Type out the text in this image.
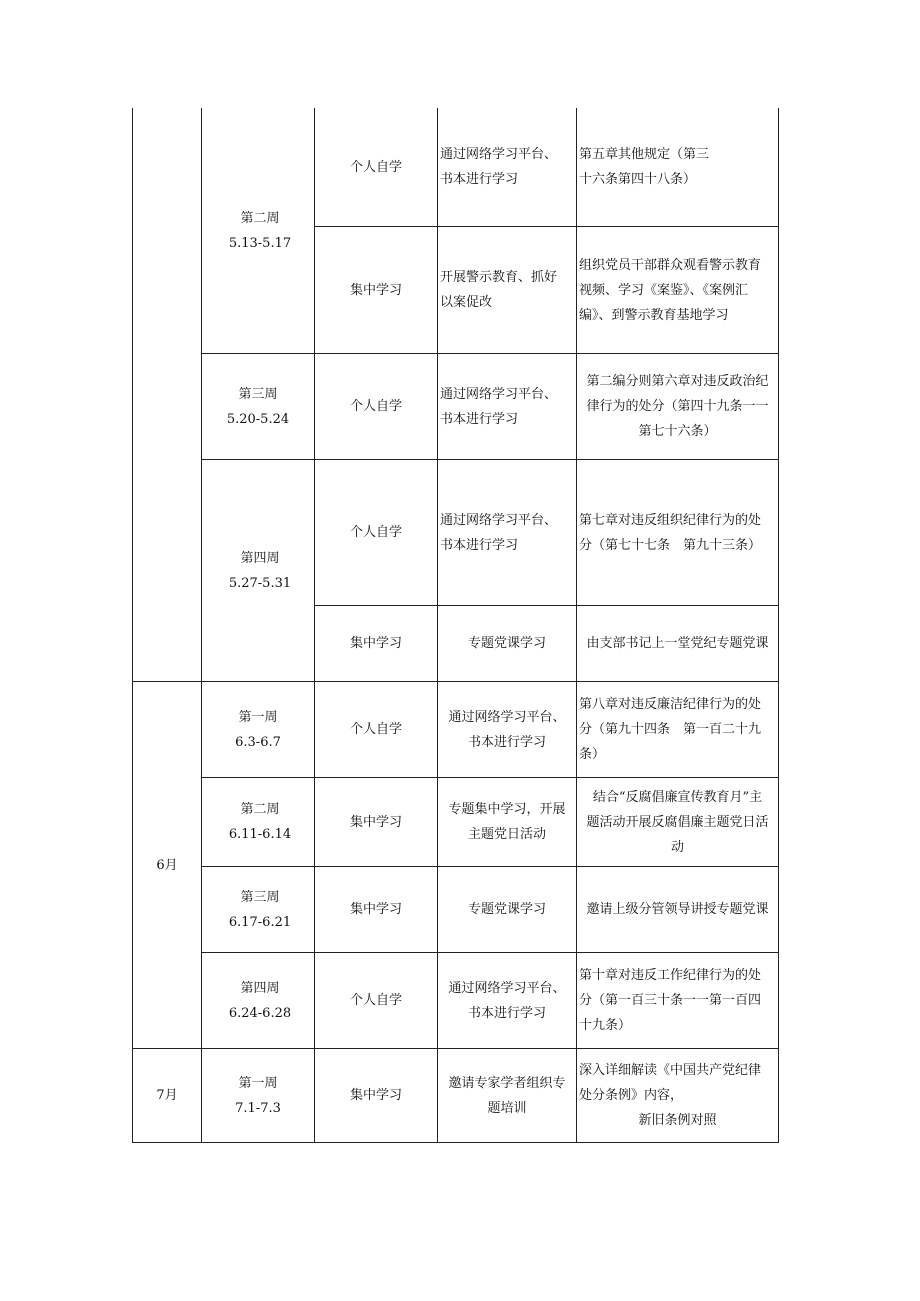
6月
7月
第二周
5.13-5.17
第三周
5.20-5.24
第四周
5.27-5.31
第一周
6.3-6.7
第二周
6.11-6.14
第三周
6.17-6.21
第四周
6.24-6.28
第一周
7.1-7.3
个人自学
集中学习
个人自学
个人自学
集中学习
个人自学
集中学习
集中学习
个人自学
集中学习
通过网络学习平台、
书本进行学习
开展警示教育、抓好
以案促改
通过网络学习平台、
书本进行学习
通过网络学习平台、
书本进行学习
专题党课学习
通过网络学习平台、
书本进行学习
专题集中学习，开展
主题党日活动
专题党课学习
通过网络学习平台、
书本进行学习
邀请专家学者组织专
题培训
第五章其他规定（第三
十六条第四十八条）
组织党员干部群众观看警示教育
视频、学习《案鉴》、《案例汇
编》、到警示教育基地学习
第二编分则第六章对违反政治纪
律行为的处分（第四十九条一一
第七十六条）
第七章对违反组织纪律行为的处
分（第七十七条　第九十三条）
由支部书记上一堂党纪专题党课
第八章对违反廉洁纪律行为的处
分（第九十四条　第一百二十九
条）
结合“反腐倡廉宣传教育月”主
题活动开展反腐倡廉主题党日活
动
邀请上级分管领导讲授专题党课
第十章对违反工作纪律行为的处
分（第一百三十条一一第一百四
十九条）
深入详细解读《中国共产党纪律
处分条例》内容，
新旧条例对照
